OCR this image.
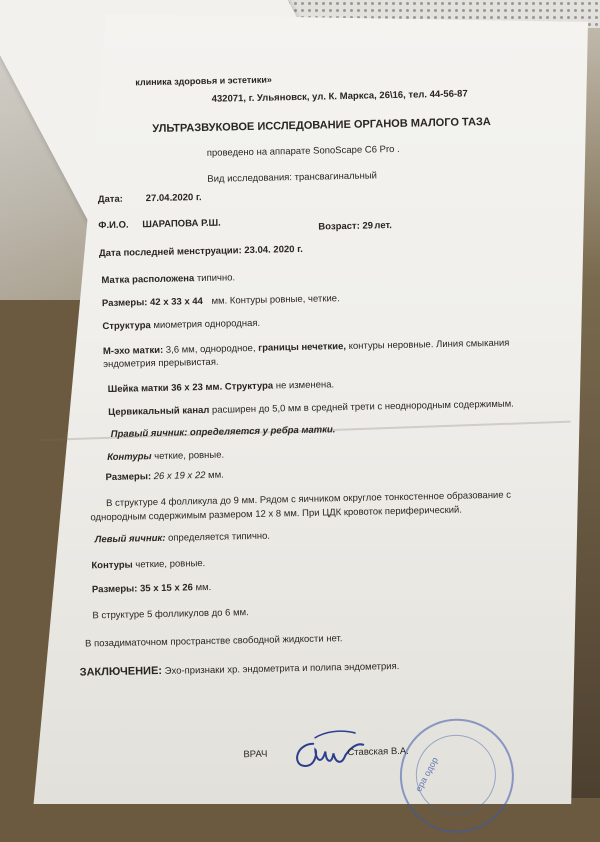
клиника здоровья и эстетики»
432071, г. Ульяновск, ул. К. Маркса, 26\16, тел. 44-56-87
УЛЬТРАЗВУКОВОЕ ИССЛЕДОВАНИЕ ОРГАНОВ МАЛОГО ТАЗА
проведено на аппарате SonoScape C6 Pro .
Вид исследования: трансвагинальный
Дата: 27.04.2020 г.
Ф.И.О. ШАРАПОВА Р.Ш.	Возраст: 29 лет.
Дата последней менструации: 23.04. 2020 г.
Матка расположена типично.
Размеры: 42 х 33 х 44 мм. Контуры ровные, четкие.
Структура миометрия однородная.
М-эхо матки: 3,6 мм, однородное, границы нечеткие, контуры неровные. Линия смыкания
эндометрия прерывистая.
Шейка матки 36 х 23 мм. Структура не изменена.
Цервикальный канал расширен до 5,0 мм в средней трети с неоднородным содержимым.
Правый яичник: определяется у ребра матки.
Контуры четкие, ровные.
Размеры: 26 х 19 х 22 мм.
В структуре 4 фолликула до 9 мм. Рядом с яичником округлое тонкостенное образование с
однородным содержимым размером 12 х 8 мм. При ЦДК кровоток периферический.
Левый яичник: определяется типично.
Контуры четкие, ровные.
Размеры: 35 х 15 х 26 мм.
В структуре 5 фолликулов до 6 мм.
В позадиматочном пространстве свободной жидкости нет.
ЗАКЛЮЧЕНИЕ: Эхо-признаки хр. эндометрита и полипа эндометрия.
ВРАЧ	Ставская В.А.
ера одор
